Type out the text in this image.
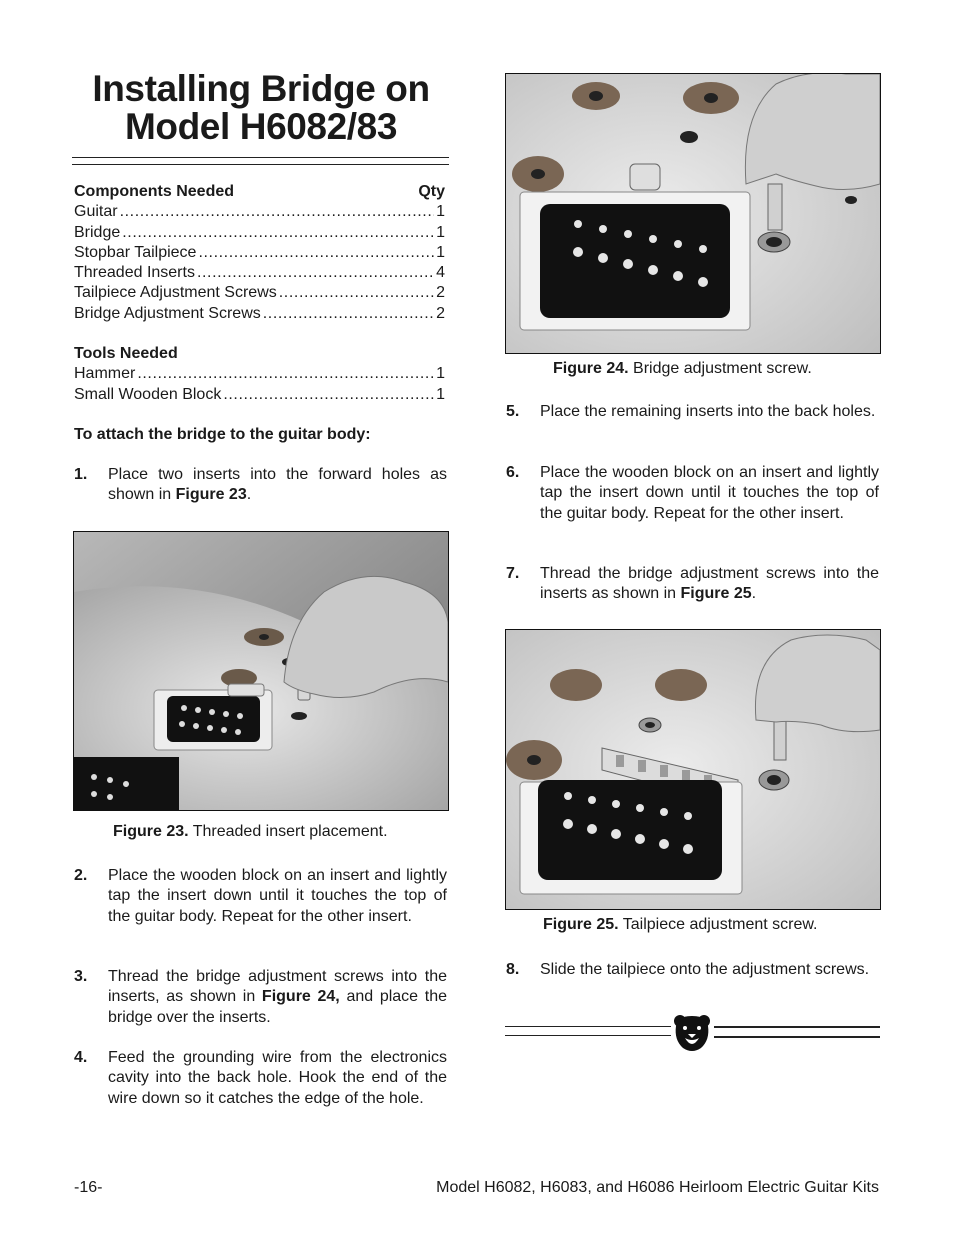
Installing Bridge on
Model H6082/83
Components Needed	Qty
Guitar .....	1
Bridge .....	1
Stopbar Tailpiece .....	1
Threaded Inserts .....	4
Tailpiece Adjustment Screws .....	2
Bridge Adjustment Screws .....	2
Tools Needed
Hammer .....	1
Small Wooden Block .....	1
To attach the bridge to the guitar body:
1. Place two inserts into the forward holes as shown in Figure 23.
Figure 23. Threaded insert placement.
2. Place the wooden block on an insert and lightly tap the insert down until it touches the top of the guitar body. Repeat for the other insert.
3. Thread the bridge adjustment screws into the inserts, as shown in Figure 24, and place the bridge over the inserts.
4. Feed the grounding wire from the electronics cavity into the back hole. Hook the end of the wire down so it catches the edge of the hole.
Figure 24. Bridge adjustment screw.
5. Place the remaining inserts into the back holes.
6. Place the wooden block on an insert and lightly tap the insert down until it touches the top of the guitar body. Repeat for the other insert.
7. Thread the bridge adjustment screws into the inserts as shown in Figure 25.
Figure 25. Tailpiece adjustment screw.
8. Slide the tailpiece onto the adjustment screws.
-16-	Model H6082, H6083, and H6086 Heirloom Electric Guitar Kits
